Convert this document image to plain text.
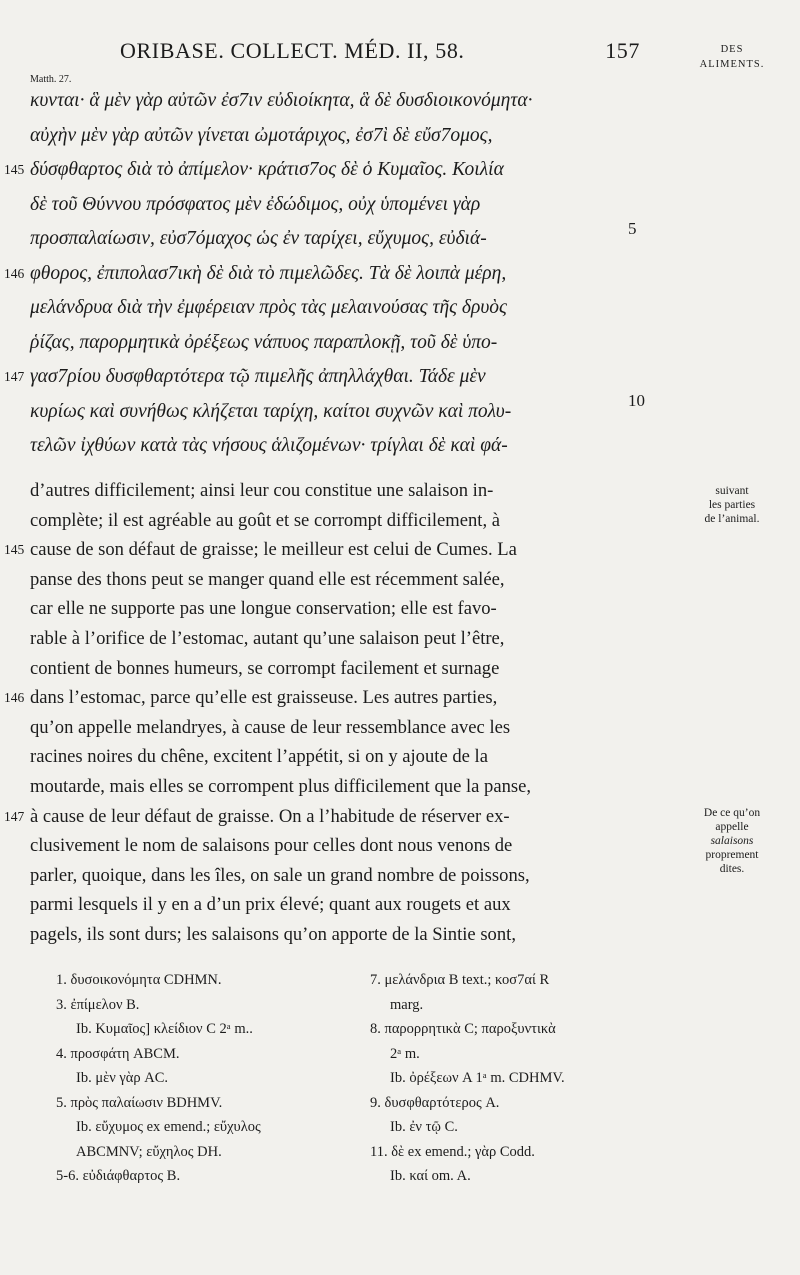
ORIBASE. COLLECT. MÉD. II, 58.	157	DES
ALIMENTS.
Matth. 27.
κυνται· ἃ μὲν γὰρ αὐτῶν ἐσ7ιν εὐδιοίκητα, ἃ δὲ δυσδιοικονόμητα·
αὐχὴν μὲν γὰρ αὐτῶν γίνεται ὠμοτάριχος, ἐσ7ὶ δὲ εὔσ7ομος,
145 δύσφθαρτος διὰ τὸ ἀπίμελον· κράτισ7ος δὲ ὁ Κυμαῖος. Κοιλία
δὲ τοῦ Θύννου πρόσφατος μὲν ἐδώδιμος, οὐχ ὑπομένει γὰρ
προσπαλαίωσιν, εὐσ7όμαχος ὡς ἐν ταρίχει, εὔχυμος, εὐδιά-
146 φθορος, ἐπιπολασ7ικὴ δὲ διὰ τὸ πιμελῶδες. Τὰ δὲ λοιπὰ μέρη,
μελάνδρυα διὰ τὴν ἐμφέρειαν πρὸς τὰς μελαινούσας τῆς δρυὸς
ῥίζας, παρορμητικὰ ὀρέξεως νάπυος παραπλοκῇ, τοῦ δὲ ὑπο-
147 γασ7ρίου δυσφθαρτότερα τῷ πιμελῆς ἀπηλλάχθαι. Τάδε μὲν
κυρίως καὶ συνήθως κλήζεται ταρίχη, καίτοι συχνῶν καὶ πολυ-
τελῶν ἰχθύων κατὰ τὰς νήσους ἁλιζομένων· τρίγλαι δὲ καὶ φά-
5
10
d’autres difficilement; ainsi leur cou constitue une salaison in-
complète; il est agréable au goût et se corrompt difficilement, à
145 cause de son défaut de graisse; le meilleur est celui de Cumes. La
panse des thons peut se manger quand elle est récemment salée,
car elle ne supporte pas une longue conservation; elle est favo-
rable à l’orifice de l’estomac, autant qu’une salaison peut l’être,
contient de bonnes humeurs, se corrompt facilement et surnage
146 dans l’estomac, parce qu’elle est graisseuse. Les autres parties,
qu’on appelle melandryes, à cause de leur ressemblance avec les
racines noires du chêne, excitent l’appétit, si on y ajoute de la
moutarde, mais elles se corrompent plus difficilement que la panse,
147 à cause de leur défaut de graisse. On a l’habitude de réserver ex-
clusivement le nom de salaisons pour celles dont nous venons de
parler, quoique, dans les îles, on sale un grand nombre de poissons,
parmi lesquels il y en a d’un prix élevé; quant aux rougets et aux
pagels, ils sont durs; les salaisons qu’on apporte de la Sintie sont,
suivant
les parties
de l’animal.
De ce qu’on
appelle
salaisons
proprement
dites.
1. δυσοικονόμητα CDHMN.
3. ἐπίμελον B.
Ib. Κυμαῖος] κλείδιον C 2ᵃ m..
4. προσφάτη ABCM.
Ib. μὲν γὰρ AC.
5. πρὸς παλαίωσιν BDHMV.
Ib. εὔχυμος ex emend.; εὔχυλος
ABCMNV; εὔχηλος DH.
5-6. εὐδιάφθαρτος B.
7. μελάνδρια B text.; κοσ7αί R
marg.
8. παρορρητικὰ C; παροξυντικὰ
2ᵃ m.
Ib. ὀρέξεων A 1ᵃ m. CDHMV.
9. δυσφθαρτότερος A.
Ib. ἐν τῷ C.
11. δὲ ex emend.; γὰρ Codd.
Ib. καί om. A.
